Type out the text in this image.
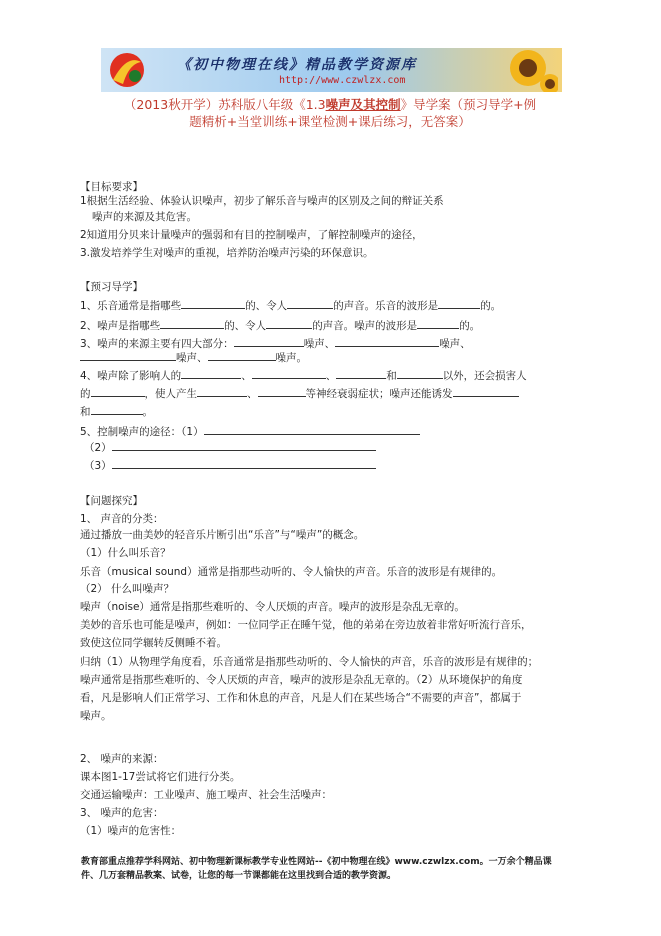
《初中物理在线》精品教学资源库
http://www.czwlzx.com
（2013秋开学）苏科版八年级《1.3噪声及其控制》导学案（预习导学+例
题精析+当堂训练+课堂检测+课后练习，无答案）
【目标要求】
1根据生活经验、体验认识噪声，初步了解乐音与噪声的区别及之间的辩证关系
噪声的来源及其危害。
2知道用分贝来计量噪声的强弱和有目的控制噪声，了解控制噪声的途径，
3.激发培养学生对噪声的重视，培养防治噪声污染的环保意识。
【预习导学】
1、乐音通常是指哪些	的、令人	的声音。乐音的波形是	的。
2、噪声是指哪些	的、令人	的声音。噪声的波形是	的。
3、噪声的来源主要有四大部分：	噪声、	噪声、
噪声、	噪声。
4、噪声除了影响人的	、	、	和	以外，还会损害人
的	，使人产生	、	等神经衰弱症状；噪声还能诱发
和	。
5、控制噪声的途径：（1）
（2）
（3）
【问题探究】
1、 声音的分类：
通过播放一曲美妙的轻音乐片断引出“乐音”与“噪声”的概念。
（1）什么叫乐音？
乐音（musical sound）通常是指那些动听的、令人愉快的声音。乐音的波形是有规律的。
（2） 什么叫噪声？
噪声（noise）通常是指那些难听的、令人厌烦的声音。噪声的波形是杂乱无章的。
美妙的音乐也可能是噪声，例如：一位同学正在睡午觉，他的弟弟在旁边放着非常好听流行音乐，
致使这位同学辗转反侧睡不着。
归纳（1）从物理学角度看，乐音通常是指那些动听的、令人愉快的声音，乐音的波形是有规律的；
噪声通常是指那些难听的、令人厌烦的声音，噪声的波形是杂乱无章的。（2）从环境保护的角度
看，凡是影响人们正常学习、工作和休息的声音，凡是人们在某些场合“不需要的声音”，都属于
噪声。
2、 噪声的来源：
课本图1-17尝试将它们进行分类。
交通运输噪声：工业噪声、施工噪声、社会生活噪声：
3、 噪声的危害：
（1）噪声的危害性：
教育部重点推荐学科网站、初中物理新课标教学专业性网站--《初中物理在线》www.czwlzx.com。一万余个精品课
件、几万套精品教案、试卷，让您的每一节课都能在这里找到合适的教学资源。
